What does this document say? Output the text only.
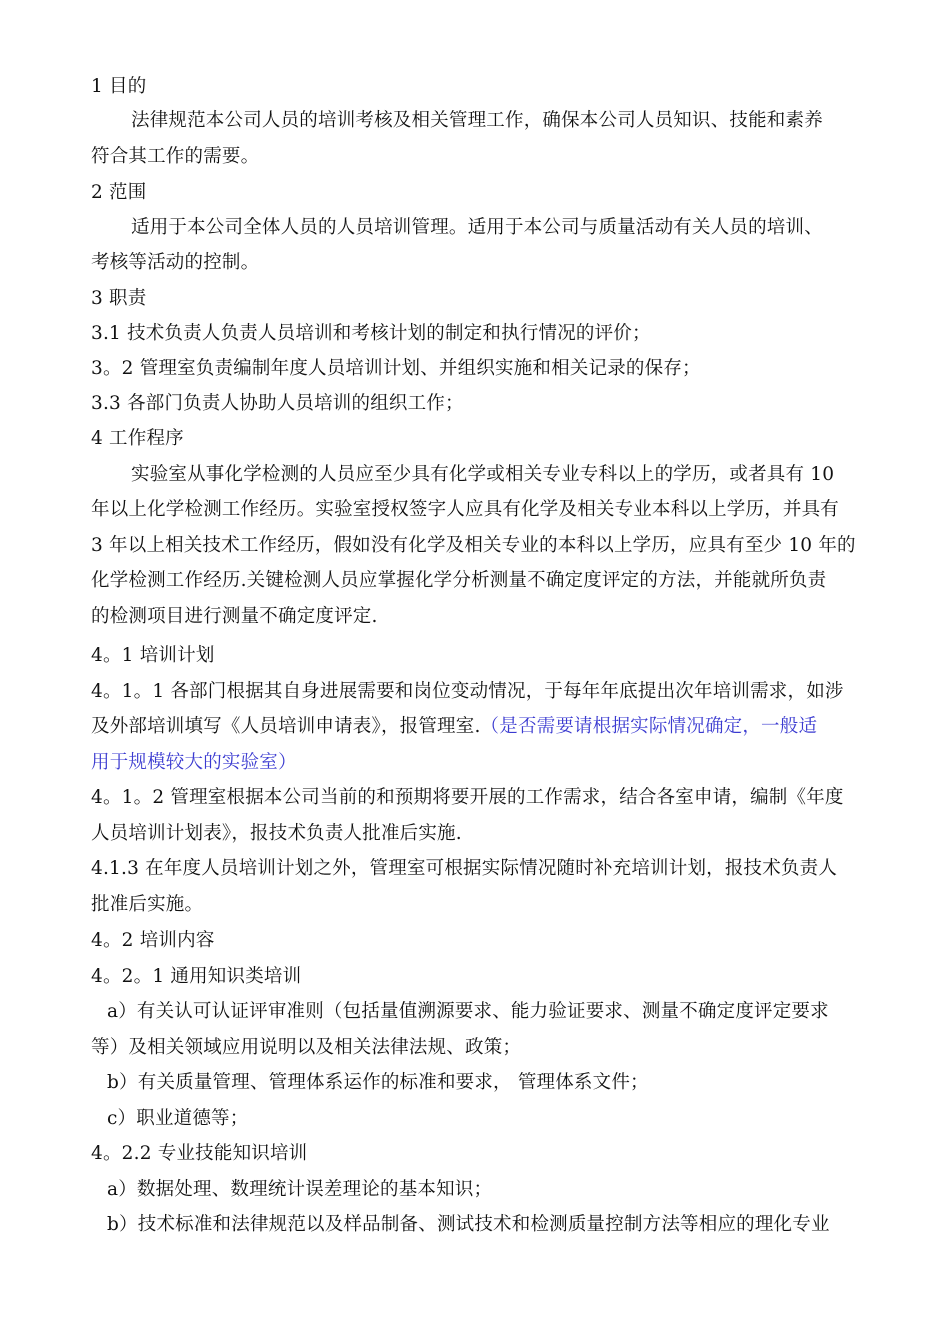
1 目的
法律规范本公司人员的培训考核及相关管理工作，确保本公司人员知识、技能和素养
符合其工作的需要。
2 范围
适用于本公司全体人员的人员培训管理。适用于本公司与质量活动有关人员的培训、
考核等活动的控制。
3 职责
3.1 技术负责人负责人员培训和考核计划的制定和执行情况的评价；
3。2 管理室负责编制年度人员培训计划、并组织实施和相关记录的保存；
3.3 各部门负责人协助人员培训的组织工作；
4 工作程序
实验室从事化学检测的人员应至少具有化学或相关专业专科以上的学历，或者具有 10
年以上化学检测工作经历。实验室授权签字人应具有化学及相关专业本科以上学历，并具有
3 年以上相关技术工作经历，假如没有化学及相关专业的本科以上学历，应具有至少 10 年的
化学检测工作经历.关键检测人员应掌握化学分析测量不确定度评定的方法，并能就所负责
的检测项目进行测量不确定度评定.
4。1 培训计划
4。1。1 各部门根据其自身进展需要和岗位变动情况，于每年年底提出次年培训需求，如涉
及外部培训填写《人员培训申请表》，报管理室.（是否需要请根据实际情况确定，一般适
用于规模较大的实验室）
4。1。2 管理室根据本公司当前的和预期将要开展的工作需求，结合各室申请，编制《年度
人员培训计划表》，报技术负责人批准后实施.
4.1.3 在年度人员培训计划之外，管理室可根据实际情况随时补充培训计划，报技术负责人
批准后实施。
4。2 培训内容
4。2。1 通用知识类培训
a）有关认可认证评审准则（包括量值溯源要求、能力验证要求、测量不确定度评定要求
等）及相关领域应用说明以及相关法律法规、政策；
b）有关质量管理、管理体系运作的标准和要求， 管理体系文件；
c）职业道德等；
4。2.2 专业技能知识培训
a）数据处理、数理统计误差理论的基本知识；
b）技术标准和法律规范以及样品制备、测试技术和检测质量控制方法等相应的理化专业
